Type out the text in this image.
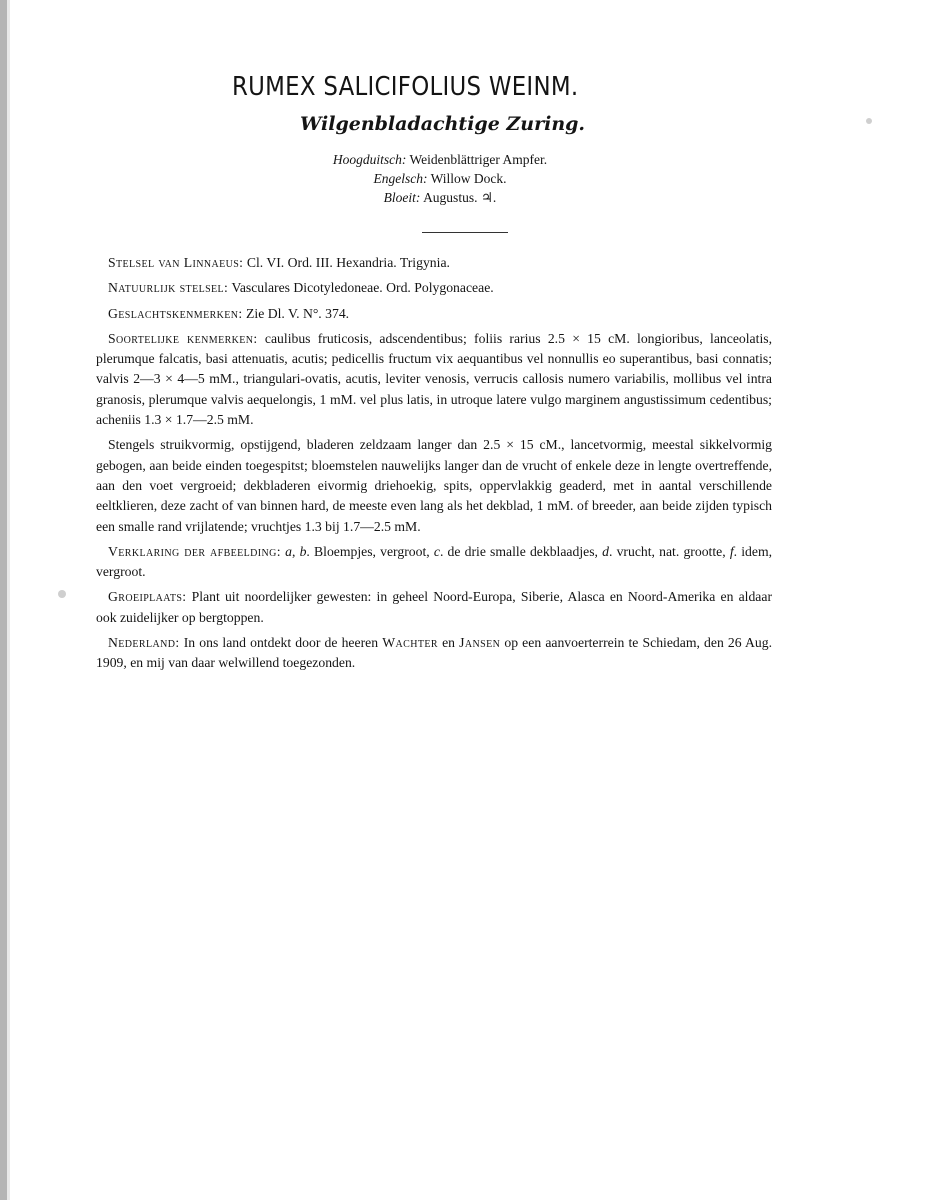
RUMEX SALICIFOLIUS WEINM.
Wilgenbladachtige Zuring.
Hoogduitsch: Weidenblättriger Ampfer.
Engelsch: Willow Dock.
Bloeit: Augustus. ♃.

Stelsel van Linnaeus: Cl. VI. Ord. III. Hexandria. Trigynia.

Natuurlijk stelsel: Vasculares Dicotyledoneae. Ord. Polygonaceae.

Geslachtskenmerken: Zie Dl. V. N°. 374.

Soortelijke kenmerken: caulibus fruticosis, adscendentibus; foliis rarius 2.5 × 15 cM. longioribus, lanceolatis, plerumque falcatis, basi attenuatis, acutis; pedicellis fructum vix aequantibus vel nonnullis eo superantibus, basi connatis; valvis 2—3 × 4—5 mM., triangulari-ovatis, acutis, leviter venosis, verrucis callosis numero variabilis, mollibus vel intra granosis, plerumque valvis aequelongis, 1 mM. vel plus latis, in utroque latere vulgo marginem angustissimum cedentibus; acheniis 1.3 × 1.7—2.5 mM.

Stengels struikvormig, opstijgend, bladeren zeldzaam langer dan 2.5 × 15 cM., lancetvormig, meestal sikkelvormig gebogen, aan beide einden toegespitst; bloemstelen nauwelijks langer dan de vrucht of enkele deze in lengte overtreffende, aan den voet vergroeid; dekbladeren eivormig driehoekig, spits, oppervlakkig geaderd, met in aantal verschillende eeltklieren, deze zacht of van binnen hard, de meeste even lang als het dekblad, 1 mM. of breeder, aan beide zijden typisch een smalle rand vrijlatende; vruchtjes 1.3 bij 1.7—2.5 mM.

Verklaring der afbeelding: a, b. Bloempjes, vergroot, c. de drie smalle dekblaadjes, d. vrucht, nat. grootte, f. idem, vergroot.

Groeiplaats: Plant uit noordelijker gewesten: in geheel Noord-Europa, Siberie, Alasca en Noord-Amerika en aldaar ook zuidelijker op bergtoppen.

Nederland: In ons land ontdekt door de heeren Wachter en Jansen op een aanvoerterrein te Schiedam, den 26 Aug. 1909, en mij van daar welwillend toegezonden.
